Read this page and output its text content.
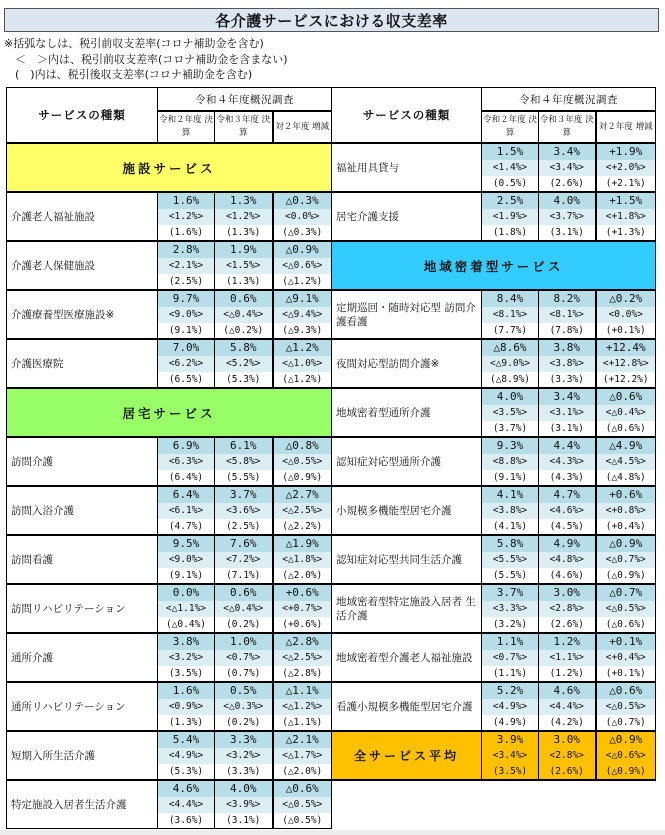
各介護サービスにおける収支差率
※括弧なしは、税引前収支差率(コロナ補助金を含む)
　＜　＞内は、税引前収支差率(コロナ補助金を含まない)
　(　)内は、税引後収支差率(コロナ補助金を含む)
サービスの種類	令和４年度概況調査		
	令和２年度 決算	令和３年度 決算	対２年度 増減
施設サービス			
介護老人福祉施設	1.6%	1.3%	△0.3%
	<1.2%>	<1.2%>	<0.0%>
	(1.6%)	(1.3%)	(△0.3%)
介護老人保健施設	2.8%	1.9%	△0.9%
	<2.1%>	<1.5%>	<△0.6%>
	(2.5%)	(1.3%)	(△1.2%)
介護療養型医療施設※	9.7%	0.6%	△9.1%
	<9.0%>	<△0.4%>	<△9.4%>
	(9.1%)	(△0.2%)	(△9.3%)
介護医療院	7.0%	5.8%	△1.2%
	<6.2%>	<5.2%>	<△1.0%>
	(6.5%)	(5.3%)	(△1.2%)
居宅サービス			
訪問介護	6.9%	6.1%	△0.8%
	<6.3%>	<5.8%>	<△0.5%>
	(6.4%)	(5.5%)	(△0.9%)
訪問入浴介護	6.4%	3.7%	△2.7%
	<6.1%>	<3.6%>	<△2.5%>
	(4.7%)	(2.5%)	(△2.2%)
訪問看護	9.5%	7.6%	△1.9%
	<9.0%>	<7.2%>	<△1.8%>
	(9.1%)	(7.1%)	(△2.0%)
訪問リハビリテーション	0.0%	0.6%	+0.6%
	<△1.1%>	<△0.4%>	<+0.7%>
	(△0.4%)	(0.2%)	(+0.6%)
通所介護	3.8%	1.0%	△2.8%
	<3.2%>	<0.7%>	<△2.5%>
	(3.5%)	(0.7%)	(△2.8%)
通所リハビリテーション	1.6%	0.5%	△1.1%
	<0.9%>	<△0.3%>	<△1.2%>
	(1.3%)	(0.2%)	(△1.1%)
短期入所生活介護	5.4%	3.3%	△2.1%
	<4.9%>	<3.2%>	<△1.7%>
	(5.3%)	(3.3%)	(△2.0%)
特定施設入居者生活介護	4.6%	4.0%	△0.6%
	<4.4%>	<3.9%>	<△0.5%>
	(3.6%)	(3.1%)	(△0.5%)
サービスの種類	令和４年度概況調査		
	令和２年度 決算	令和３年度 決算	対２年度 増減
福祉用具貸与	1.5%	3.4%	+1.9%
	<1.4%>	<3.4%>	<+2.0%>
	(0.5%)	(2.6%)	(+2.1%)
居宅介護支援	2.5%	4.0%	+1.5%
	<1.9%>	<3.7%>	<+1.8%>
	(1.8%)	(3.1%)	(+1.3%)
地域密着型サービス			
定期巡回・随時対応型 訪問介護看護	8.4%	8.2%	△0.2%
	<8.1%>	<8.1%>	<0.0%>
	(7.7%)	(7.8%)	(+0.1%)
夜間対応型訪問介護※	△8.6%	3.8%	+12.4%
	<△9.0%>	<3.8%>	<+12.8%>
	(△8.9%)	(3.3%)	(+12.2%)
地域密着型通所介護	4.0%	3.4%	△0.6%
	<3.5%>	<3.1%>	<△0.4%>
	(3.7%)	(3.1%)	(△0.6%)
認知症対応型通所介護	9.3%	4.4%	△4.9%
	<8.8%>	<4.3%>	<△4.5%>
	(9.1%)	(4.3%)	(△4.8%)
小規模多機能型居宅介護	4.1%	4.7%	+0.6%
	<3.8%>	<4.6%>	<+0.8%>
	(4.1%)	(4.5%)	(+0.4%)
認知症対応型共同生活介護	5.8%	4.9%	△0.9%
	<5.5%>	<4.8%>	<△0.7%>
	(5.5%)	(4.6%)	(△0.9%)
地域密着型特定施設入居者 生活介護	3.7%	3.0%	△0.7%
	<3.3%>	<2.8%>	<△0.5%>
	(3.2%)	(2.6%)	(△0.6%)
地域密着型介護老人福祉施設	1.1%	1.2%	+0.1%
	<0.7%>	<1.1%>	<+0.4%>
	(1.1%)	(1.2%)	(+0.1%)
看護小規模多機能型居宅介護	5.2%	4.6%	△0.6%
	<4.9%>	<4.4%>	<△0.5%>
	(4.9%)	(4.2%)	(△0.7%)
全サービス平均	3.9%	3.0%	△0.9%
	<3.4%>	<2.8%>	<△0.6%>
	(3.5%)	(2.6%)	(△0.9%)
